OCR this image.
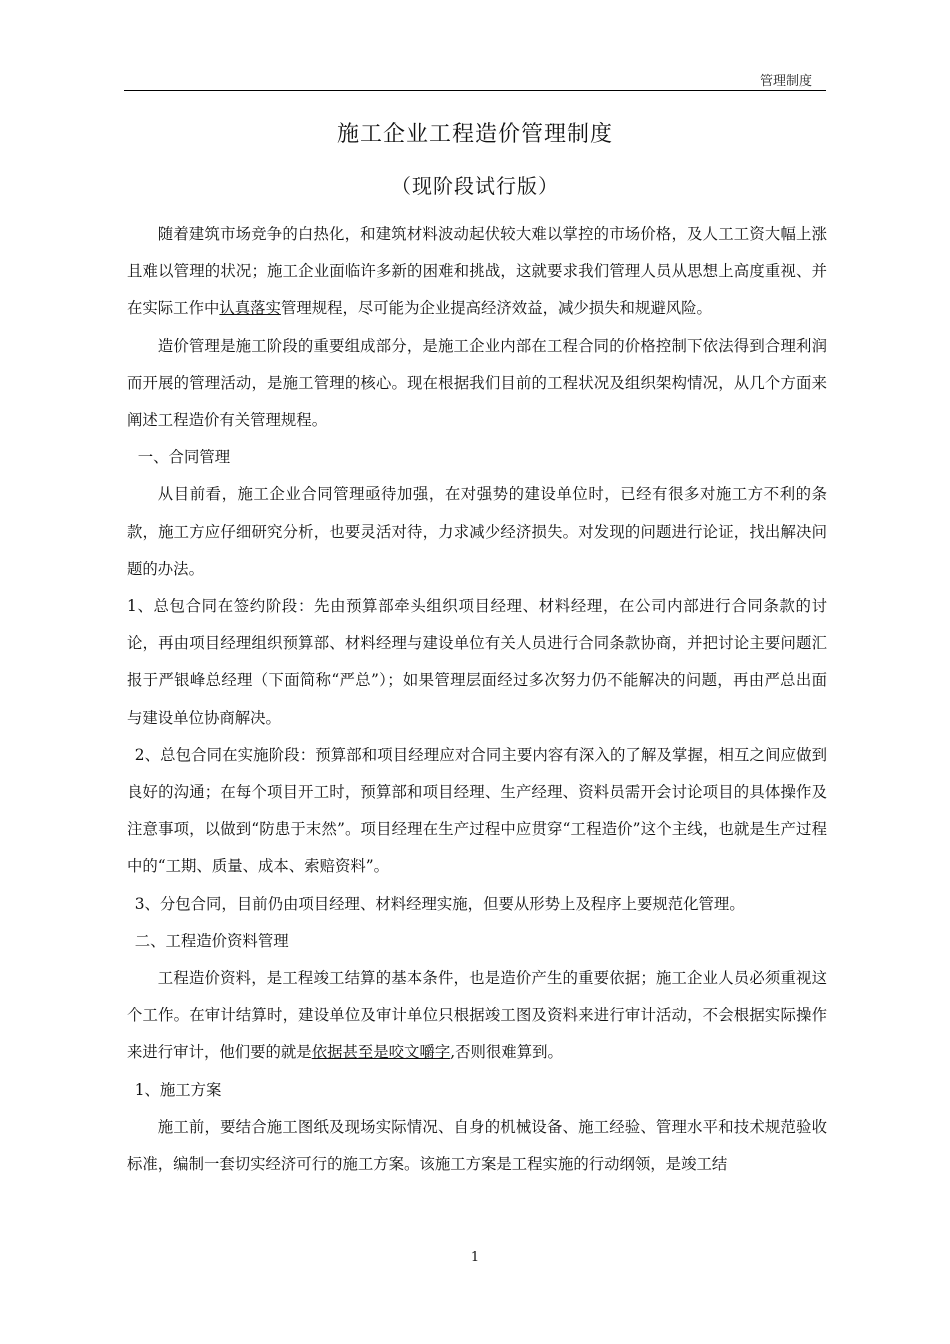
管理制度
施工企业工程造价管理制度
（现阶段试行版）

随着建筑市场竞争的白热化，和建筑材料波动起伏较大难以掌控的市场价格，及人工工资大幅上涨且难以管理的状况；施工企业面临许多新的困难和挑战，这就要求我们管理人员从思想上高度重视、并在实际工作中认真落实管理规程，尽可能为企业提高经济效益，减少损失和规避风险。

造价管理是施工阶段的重要组成部分，是施工企业内部在工程合同的价格控制下依法得到合理利润而开展的管理活动，是施工管理的核心。现在根据我们目前的工程状况及组织架构情况，从几个方面来阐述工程造价有关管理规程。

一、合同管理

从目前看，施工企业合同管理亟待加强，在对强势的建设单位时，已经有很多对施工方不利的条款，施工方应仔细研究分析，也要灵活对待，力求减少经济损失。对发现的问题进行论证，找出解决问题的办法。

1、总包合同在签约阶段：先由预算部牵头组织项目经理、材料经理，在公司内部进行合同条款的讨论，再由项目经理组织预算部、材料经理与建设单位有关人员进行合同条款协商，并把讨论主要问题汇报于严银峰总经理（下面简称“严总”）；如果管理层面经过多次努力仍不能解决的问题，再由严总出面与建设单位协商解决。

2、总包合同在实施阶段：预算部和项目经理应对合同主要内容有深入的了解及掌握，相互之间应做到良好的沟通；在每个项目开工时，预算部和项目经理、生产经理、资料员需开会讨论项目的具体操作及注意事项，以做到“防患于末然”。项目经理在生产过程中应贯穿“工程造价”这个主线，也就是生产过程中的“工期、质量、成本、索赔资料”。

3、分包合同，目前仍由项目经理、材料经理实施，但要从形势上及程序上要规范化管理。

二、工程造价资料管理

工程造价资料，是工程竣工结算的基本条件，也是造价产生的重要依据；施工企业人员必须重视这个工作。在审计结算时，建设单位及审计单位只根据竣工图及资料来进行审计活动，不会根据实际操作来进行审计，他们要的就是依据甚至是咬文嚼字,否则很难算到。

1、施工方案

施工前，要结合施工图纸及现场实际情况、自身的机械设备、施工经验、管理水平和技术规范验收标准，编制一套切实经济可行的施工方案。该施工方案是工程实施的行动纲领，是竣工结

1
